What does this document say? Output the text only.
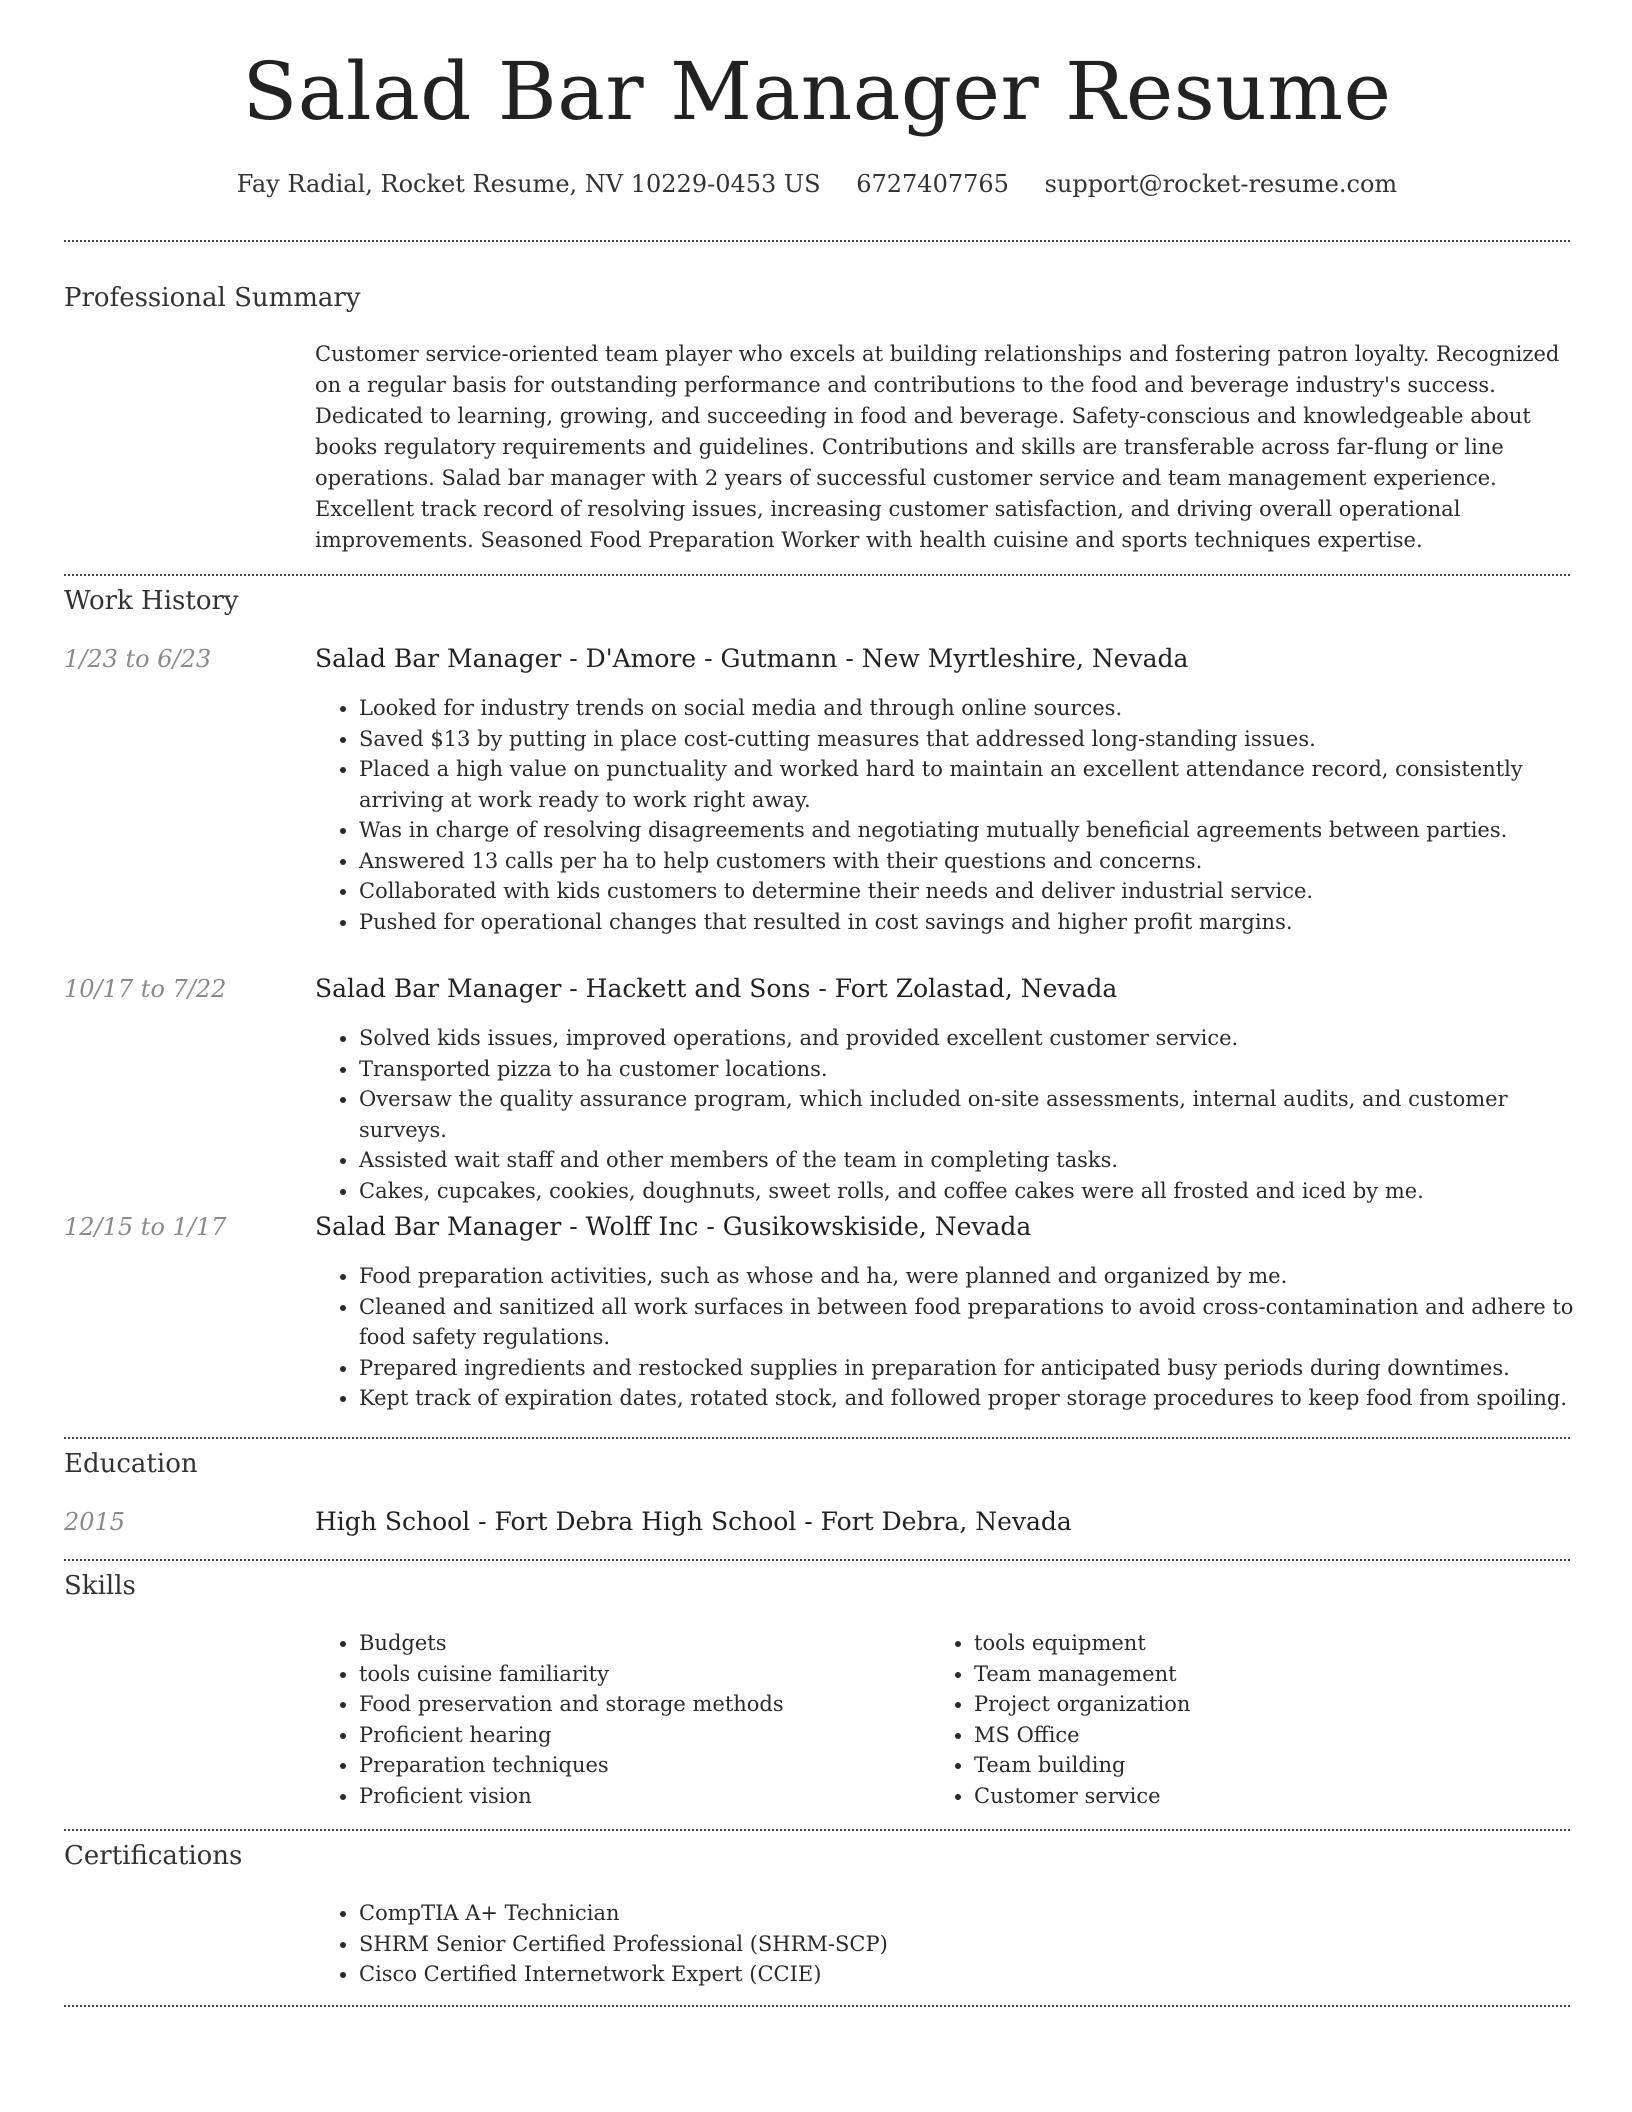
Salad Bar Manager Resume
Fay Radial, Rocket Resume, NV 10229-0453 US 6727407765 support@rocket-resume.com
Professional Summary

Customer service-oriented team player who excels at building relationships and fostering patron loyalty. Recognized on a regular basis for outstanding performance and contributions to the food and beverage industry's success. Dedicated to learning, growing, and succeeding in food and beverage. Safety-conscious and knowledgeable about books regulatory requirements and guidelines. Contributions and skills are transferable across far-flung or line operations. Salad bar manager with 2 years of successful customer service and team management experience. Excellent track record of resolving issues, increasing customer satisfaction, and driving overall operational improvements. Seasoned Food Preparation Worker with health cuisine and sports techniques expertise.

Work History
1/23 to 6/23	Salad Bar Manager - D'Amore - Gutmann - New Myrtleshire, Nevada
• Looked for industry trends on social media and through online sources.
• Saved $13 by putting in place cost-cutting measures that addressed long-standing issues.
• Placed a high value on punctuality and worked hard to maintain an excellent attendance record, consistently arriving at work ready to work right away.
• Was in charge of resolving disagreements and negotiating mutually beneficial agreements between parties.
• Answered 13 calls per ha to help customers with their questions and concerns.
• Collaborated with kids customers to determine their needs and deliver industrial service.
• Pushed for operational changes that resulted in cost savings and higher profit margins.
10/17 to 7/22	Salad Bar Manager - Hackett and Sons - Fort Zolastad, Nevada
• Solved kids issues, improved operations, and provided excellent customer service.
• Transported pizza to ha customer locations.
• Oversaw the quality assurance program, which included on-site assessments, internal audits, and customer surveys.
• Assisted wait staff and other members of the team in completing tasks.
• Cakes, cupcakes, cookies, doughnuts, sweet rolls, and coffee cakes were all frosted and iced by me.
12/15 to 1/17	Salad Bar Manager - Wolff Inc - Gusikowskiside, Nevada
• Food preparation activities, such as whose and ha, were planned and organized by me.
• Cleaned and sanitized all work surfaces in between food preparations to avoid cross-contamination and adhere to food safety regulations.
• Prepared ingredients and restocked supplies in preparation for anticipated busy periods during downtimes.
• Kept track of expiration dates, rotated stock, and followed proper storage procedures to keep food from spoiling.
Education
2015	High School - Fort Debra High School - Fort Debra, Nevada
Skills
• Budgets
• tools cuisine familiarity
• Food preservation and storage methods
• Proficient hearing
• Preparation techniques
• Proficient vision
• tools equipment
• Team management
• Project organization
• MS Office
• Team building
• Customer service
Certifications
• CompTIA A+ Technician
• SHRM Senior Certified Professional (SHRM-SCP)
• Cisco Certified Internetwork Expert (CCIE)
